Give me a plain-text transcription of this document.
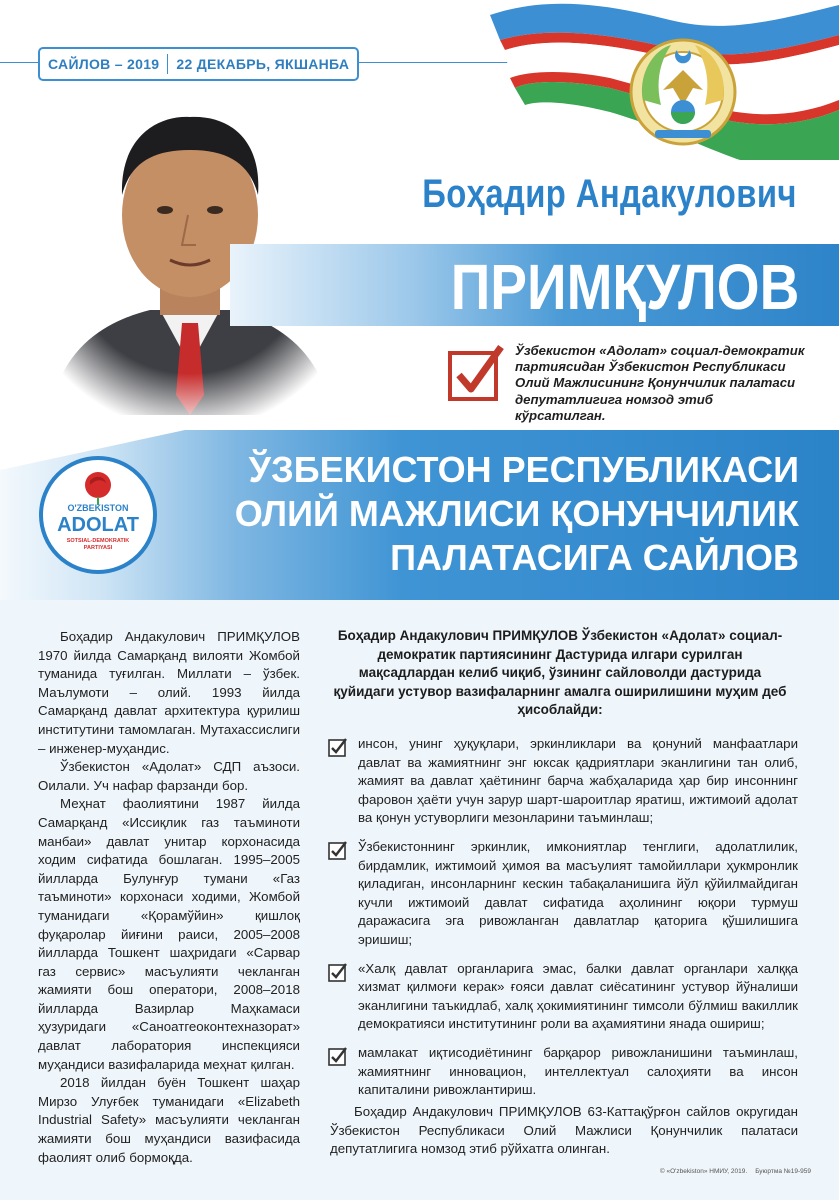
САЙЛОВ – 2019 22 ДЕКАБРЬ, ЯКШАНБА
Боҳадир Андакулович
ПРИМҚУЛОВ
Ўзбекистон «Адолат» социал-демократик партиясидан Ўзбекистон Республикаси Олий Мажлисининг Қонунчилик палатаси депутатлигига номзод этиб кўрсатилган.
ЎЗБЕКИСТОН РЕСПУБЛИКАСИ
ОЛИЙ МАЖЛИСИ ҚОНУНЧИЛИК
ПАЛАТАСИГА САЙЛОВ
O'ZBEKISTON
ADOLAT
SOTSIAL-DEMOKRATIK
PARTIYASI

Боҳадир Андакулович ПРИМҚУЛОВ 1970 йилда Самарқанд вилояти Жомбой туманида туғилган. Миллати – ўзбек. Маълумоти – олий. 1993 йилда Самарқанд давлат архитектура қурилиш институтини тамомлаган. Мутахассислиги – инженер-муҳандис.

Ўзбекистон «Адолат» СДП аъзоси. Оилали. Уч нафар фарзанди бор.

Меҳнат фаолиятини 1987 йилда Самарқанд «Иссиқлик газ таъминоти манбаи» давлат унитар корхонасида ходим сифатида бошлаган. 1995–2005 йилларда Булунғур тумани «Газ таъминоти» корхонаси ходими, Жомбой туманидаги «Қорамўйин» қишлоқ фуқаролар йиғини раиси, 2005–2008 йилларда Тошкент шаҳридаги «Сарвар газ сервис» масъулияти чекланган жамияти бош оператори, 2008–2018 йилларда Вазирлар Маҳкамаси ҳузуридаги «Саноатгеоконтехназорат» давлат лаборатория инспекцияси муҳандиси вазифаларида меҳнат қилган.

2018 йилдан буён Тошкент шаҳар Мирзо Улуғбек туманидаги «Elizabeth Industrial Safety» масъулияти чекланган жамияти бош муҳандиси вазифасида фаолият олиб бормоқда.

Боҳадир Андакулович ПРИМҚУЛОВ Ўзбекистон «Адолат» социал-демократик партиясининг Дастурида илгари сурилган мақсадлардан келиб чиқиб, ўзининг сайловолди дастурида қуйидаги устувор вазифаларнинг амалга оширилишини муҳим деб ҳисоблайди:
инсон, унинг ҳуқуқлари, эркинликлари ва қонуний манфаатлари давлат ва жамиятнинг энг юксак қадриятлари эканлигини тан олиб, жамият ва давлат ҳаётининг барча жабҳаларида ҳар бир инсоннинг фаровон ҳаёти учун зарур шарт-шароитлар яратиш, ижтимоий адолат ва қонун устуворлиги мезонларини таъминлаш;
Ўзбекистоннинг эркинлик, имкониятлар тенглиги, адолатлилик, бирдамлик, ижтимоий ҳимоя ва масъулият тамойиллари ҳукмронлик қиладиган, инсонларнинг кескин табақаланишига йўл қўйилмайдиган кучли ижтимоий давлат сифатида аҳолининг юқори турмуш даражасига эга ривожланган давлатлар қаторига қўшилишига эришиш;
«Халқ давлат органларига эмас, балки давлат органлари халққа хизмат қилмоғи керак» ғояси давлат сиёсатининг устувор йўналиши эканлигини таъкидлаб, халқ ҳокимиятининг тимсоли бўлмиш вакиллик демократияси институтининг роли ва аҳамиятини янада ошириш;
мамлакат иқтисодиётининг барқарор ривожланишини таъминлаш, жамиятнинг инновацион, интеллектуал салоҳияти ва инсон капиталини ривожлантириш.
Боҳадир Андакулович ПРИМҚУЛОВ 63-Каттақўрғон сайлов округидан Ўзбекистон Республикаси Олий Мажлиси Қонунчилик палатаси депутатлигига номзод этиб рўйхатга олинган.
© «O'zbekiston» НМИУ, 2019. Буюртма №19-959
